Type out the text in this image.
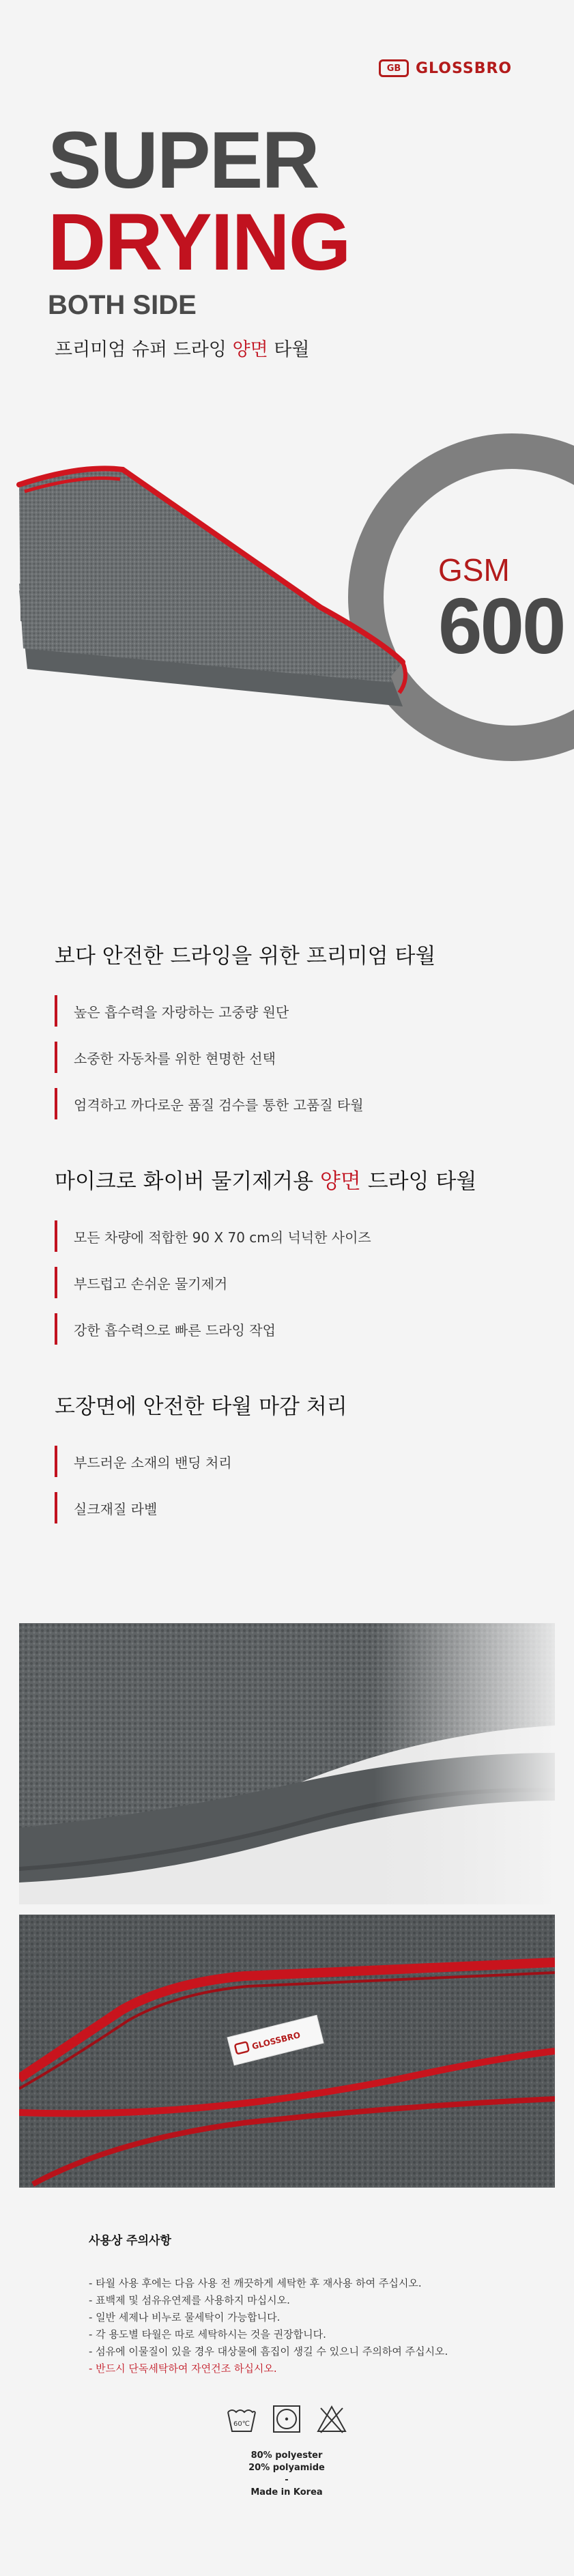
GB GLOSSBRO
SUPER
DRYING
BOTH SIDE
프리미엄 슈퍼 드라잉 양면 타월
GSM
600
보다 안전한 드라잉을 위한 프리미엄 타월
높은 흡수력을 자랑하는 고중량 원단
소중한 자동차를 위한 현명한 선택
엄격하고 까다로운 품질 검수를 통한 고품질 타월
마이크로 화이버 물기제거용 양면 드라잉 타월
모든 차량에 적합한 90 X 70 cm의 넉넉한 사이즈
부드럽고 손쉬운 물기제거
강한 흡수력으로 빠른 드라잉 작업
도장면에 안전한 타월 마감 처리
부드러운 소재의 밴딩 처리
실크재질 라벨
GLOSSBRO
사용상 주의사항
- 타월 사용 후에는 다음 사용 전 깨끗하게 세탁한 후 재사용 하여 주십시오.
- 표백제 및 섬유유연제를 사용하지 마십시오.
- 일반 세제나 비누로 물세탁이 가능합니다.
- 각 용도별 타월은 따로 세탁하시는 것을 권장합니다.
- 섬유에 이물질이 있을 경우 대상물에 흠집이 생길 수 있으니 주의하여 주십시오.
- 반드시 단독세탁하여 자연건조 하십시오.
60℃
80% polyester
20% polyamide
-
Made in Korea
